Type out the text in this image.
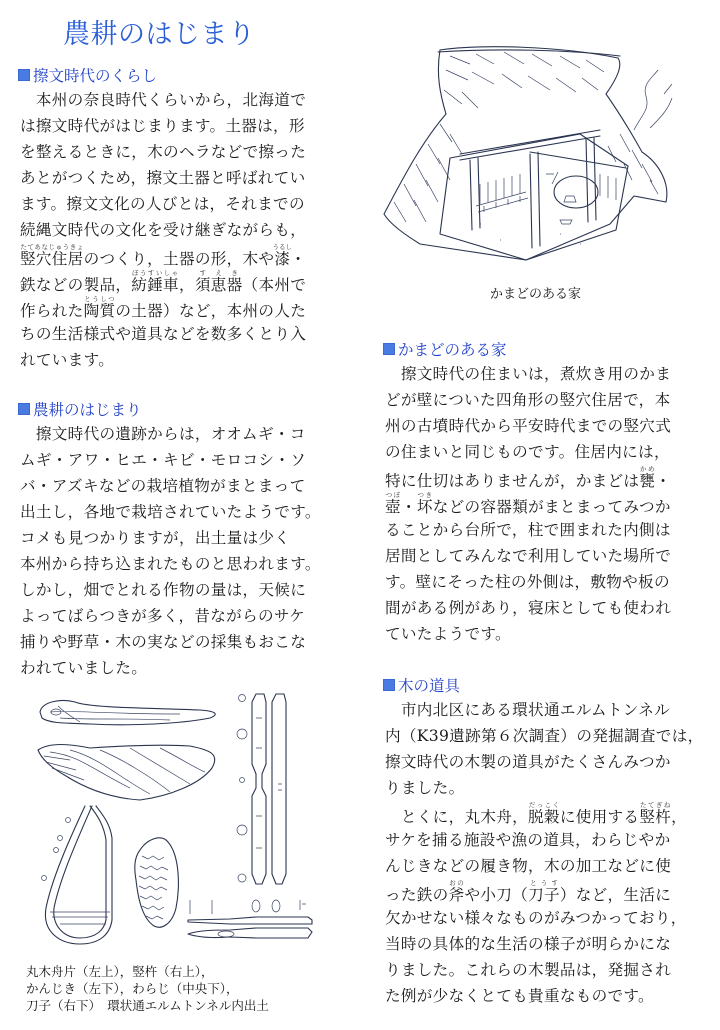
農耕のはじまり
擦文時代のくらし
　本州の奈良時代くらいから，北海道で
は擦文時代がはじまります。土器は，形
を整えるときに，木のヘラなどで擦った
あとがつくため，擦文土器と呼ばれてい
ます。擦文文化の人びとは，それまでの
続縄文時代の文化を受け継ぎながらも，
竪穴住居たてあなじゅうきょのつくり，土器の形，木や漆うるし・
鉄などの製品，紡錘車ぼうすいしゃ，須恵器すえき（本州で
作られた陶質とうしつの土器）など，本州の人た
ちの生活様式や道具などを数多くとり入
れています。
農耕のはじまり
　擦文時代の遺跡からは，オオムギ・コ
ムギ・アワ・ヒエ・キビ・モロコシ・ソ
バ・アズキなどの栽培植物がまとまって
出土し，各地で栽培されていたようです。
コメも見つかりますが，出土量は少く
本州から持ち込まれたものと思われます。
しかし，畑でとれる作物の量は，天候に
よってばらつきが多く，昔ながらのサケ
捕りや野草・木の実などの採集もおこな
われていました。
丸木舟片（左上），竪杵（右上），
かんじき（左下），わらじ（中央下），
刀子（右下）　環状通エルムトンネル内出土
かまどのある家
かまどのある家
　擦文時代の住まいは，煮炊き用のかま
どが壁についた四角形の竪穴住居で，本
州の古墳時代から平安時代までの竪穴式
の住まいと同じものです。住居内には，
特に仕切はありませんが，かまどは甕かめ・
壺つぼ・坏つきなどの容器類がまとまってみつか
ることから台所で，柱で囲まれた内側は
居間としてみんなで利用していた場所で
す。壁にそった柱の外側は，敷物や板の
間がある例があり，寝床としても使われ
ていたようです。
木の道具
　市内北区にある環状通エルムトンネル
内（K39遺跡第６次調査）の発掘調査では，
擦文時代の木製の道具がたくさんみつか
りました。
　とくに，丸木舟，脱穀だっこくに使用する竪杵たてぎね，
サケを捕る施設や漁の道具，わらじやか
んじきなどの履き物，木の加工などに使
った鉄の斧おのや小刀（刀子とうす）など，生活に
欠かせない様々なものがみつかっており，
当時の具体的な生活の様子が明らかにな
りました。これらの木製品は，発掘され
た例が少なくとても貴重なものです。
